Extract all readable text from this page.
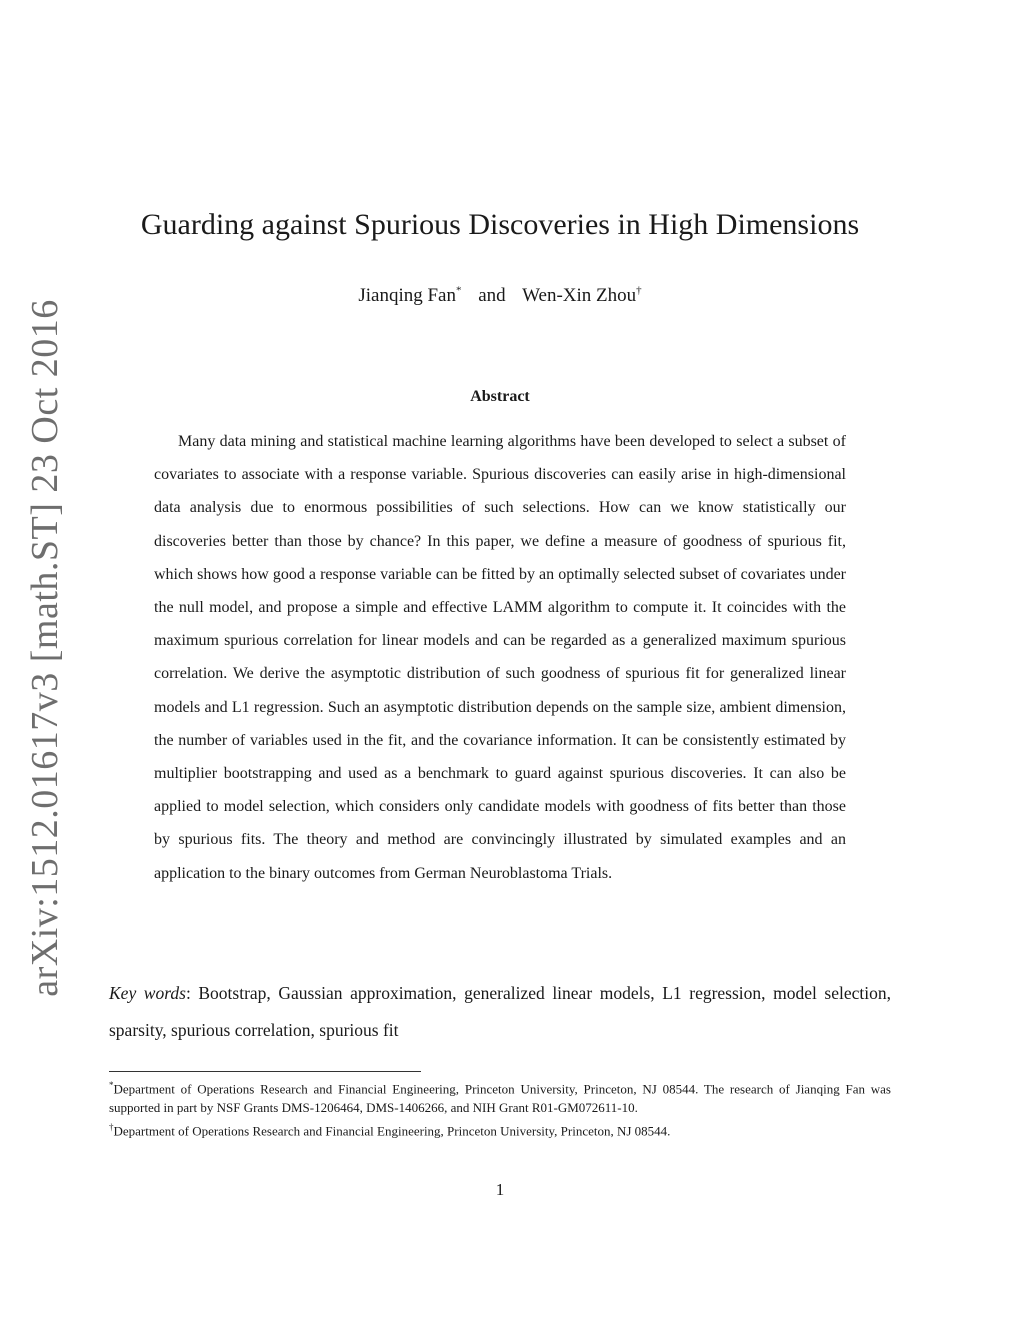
arXiv:1512.01617v3 [math.ST] 23 Oct 2016
Guarding against Spurious Discoveries in High Dimensions
Jianqing Fan* and Wen-Xin Zhou†
Abstract

Many data mining and statistical machine learning algorithms have been developed to select a subset of covariates to associate with a response variable. Spurious discoveries can easily arise in high-dimensional data analysis due to enormous possibilities of such selections. How can we know statistically our discoveries better than those by chance? In this paper, we define a measure of goodness of spurious fit, which shows how good a response variable can be fitted by an optimally selected subset of covariates under the null model, and propose a simple and effective LAMM algorithm to compute it. It coincides with the maximum spurious correlation for linear models and can be regarded as a generalized maximum spurious correlation. We derive the asymptotic distribution of such goodness of spurious fit for generalized linear models and L1 regression. Such an asymptotic distribution depends on the sample size, ambient dimension, the number of variables used in the fit, and the covariance information. It can be consistently estimated by multiplier bootstrapping and used as a benchmark to guard against spurious discoveries. It can also be applied to model selection, which considers only candidate models with goodness of fits better than those by spurious fits. The theory and method are convincingly illustrated by simulated examples and an application to the binary outcomes from German Neuroblastoma Trials.

Key words: Bootstrap, Gaussian approximation, generalized linear models, L1 regression, model selection, sparsity, spurious correlation, spurious fit

*Department of Operations Research and Financial Engineering, Princeton University, Princeton, NJ 08544. The research of Jianqing Fan was supported in part by NSF Grants DMS-1206464, DMS-1406266, and NIH Grant R01-GM072611-10.

†Department of Operations Research and Financial Engineering, Princeton University, Princeton, NJ 08544.

1
